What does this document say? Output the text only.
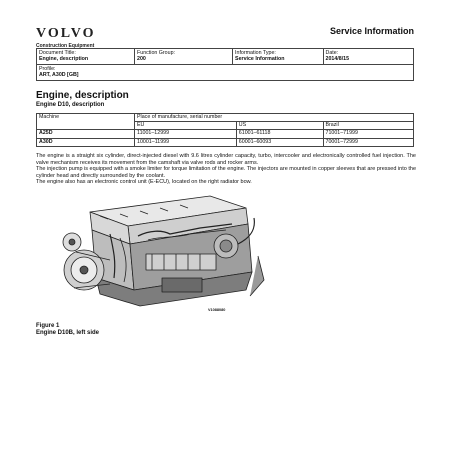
VOLVO
Construction Equipment
Service Information
Document Title:
Engine, description

Function Group:
200

Information Type:
Service Information

Date:
2014/8/15

Profile:
ART, A30D [GB]
Engine, description
Engine D10, description
Machine	Place of manufacture, serial number		
	EU	US	Brazil
A25D	11001–12999	61001–61118	71001–71999
A30D	10001–11999	60001–60093	70001–72999

The engine is a straight six cylinder, direct-injected diesel with 9.6 litres cylinder capacity, turbo, intercooler and electronically controlled fuel injection. The valve mechanism receives its movement from the camshaft via valve rods and rocker arms.

The injection pump is equipped with a smoke limiter for torque limitation of the engine. The injectors are mounted in copper sleeves that are pressed into the cylinder head and directly surrounded by the coolant.

The engine also has an electronic control unit (E-ECU), located on the right radiator bow.

V1088080
Figure 1
Engine D10B, left side
